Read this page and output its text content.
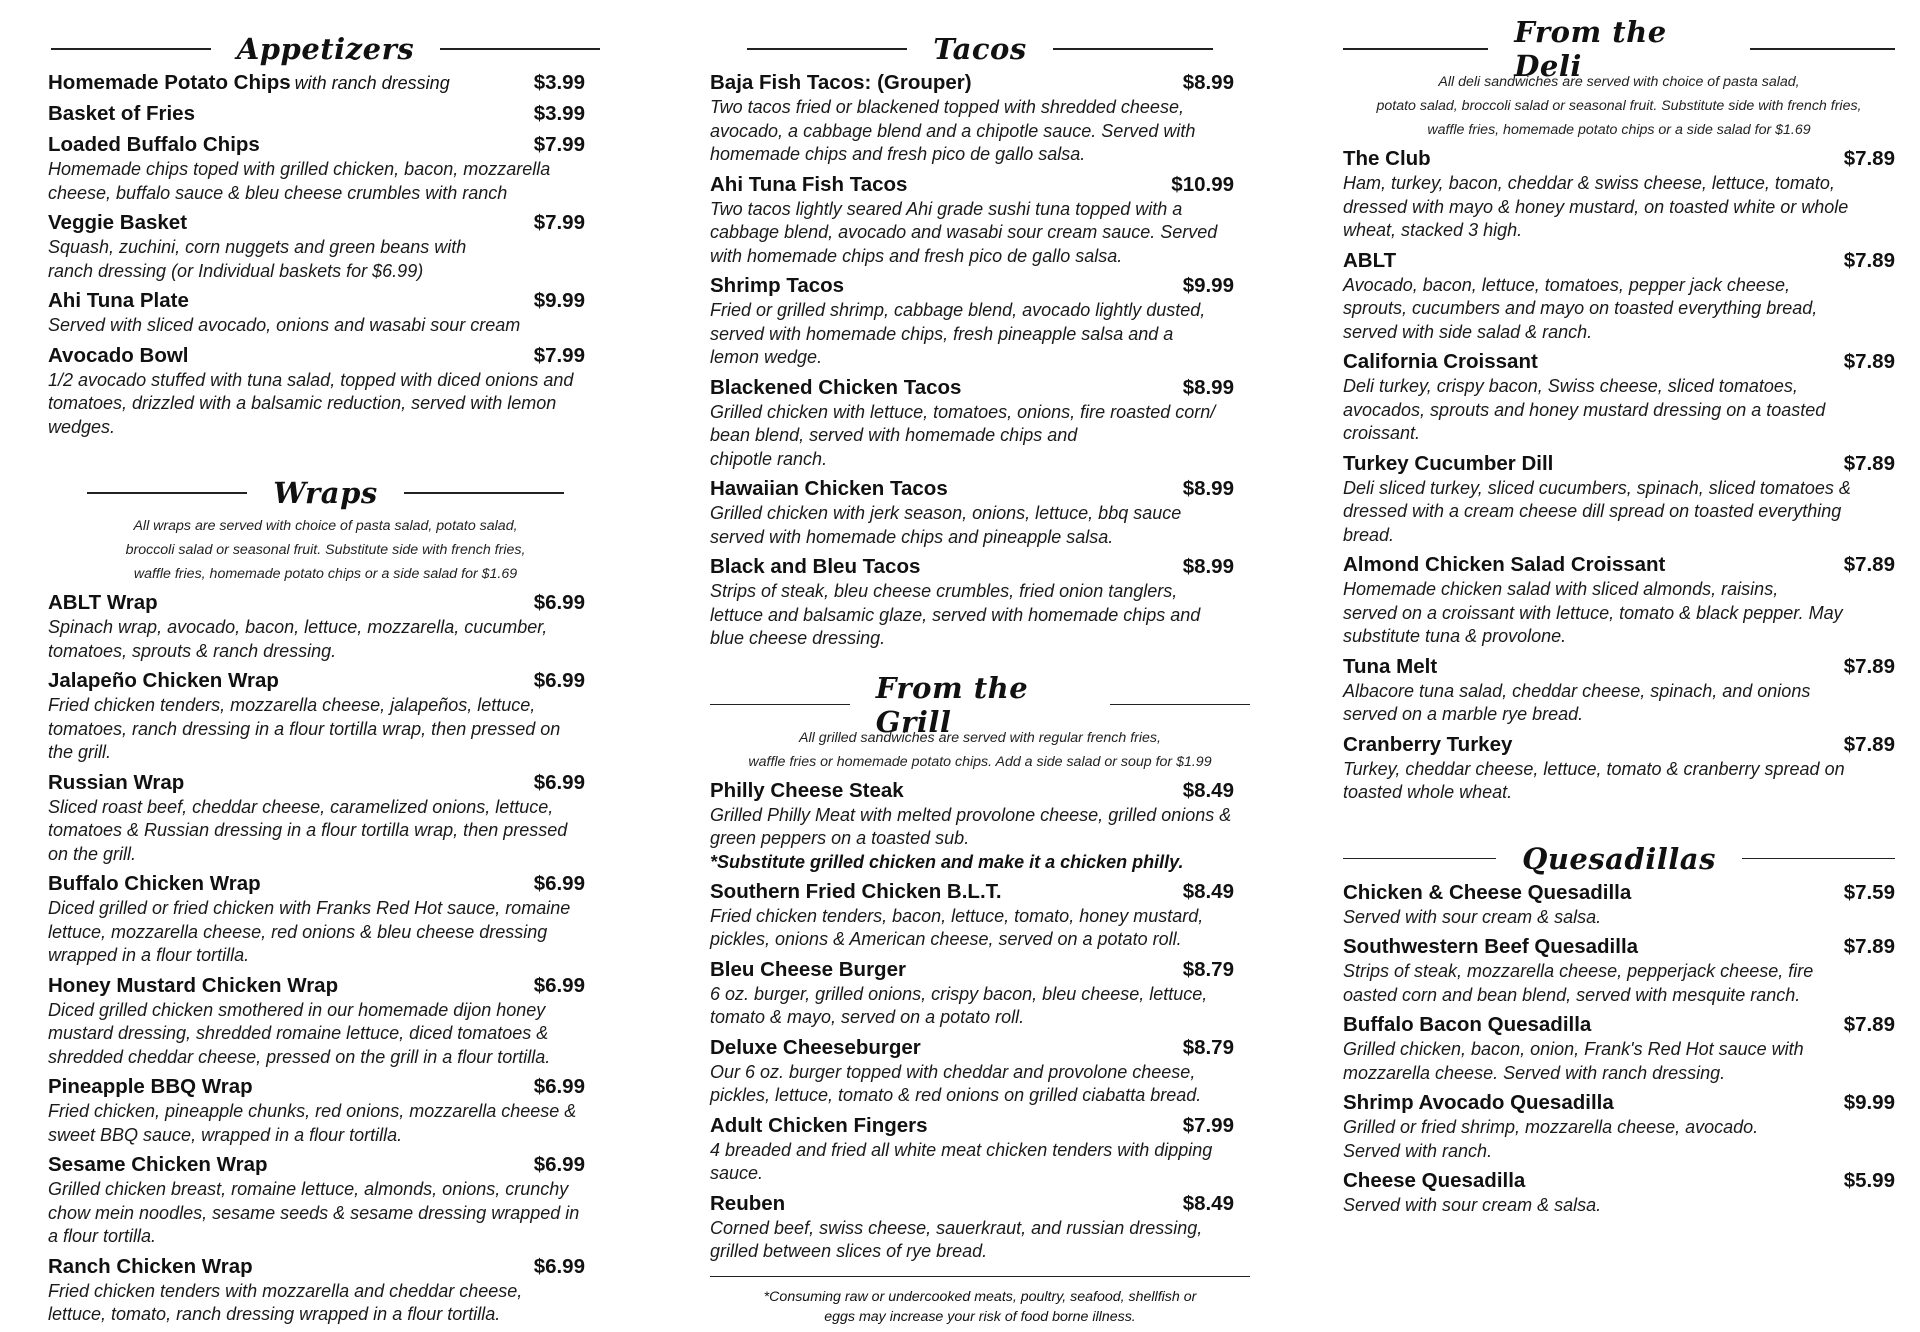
Appetizers
Homemade Potato Chips with ranch dressing	$3.99
Basket of Fries	$3.99
Loaded Buffalo Chips	$7.99
Homemade chips toped with grilled chicken, bacon, mozzarella
cheese, buffalo sauce & bleu cheese crumbles with ranch
Veggie Basket	$7.99
Squash, zuchini, corn nuggets and green beans with
ranch dressing (or Individual baskets for $6.99)
Ahi Tuna Plate	$9.99
Served with sliced avocado, onions and wasabi sour cream
Avocado Bowl	$7.99
1/2 avocado stuffed with tuna salad, topped with diced onions and
tomatoes, drizzled with a balsamic reduction, served with lemon
wedges.
Wraps
All wraps are served with choice of pasta salad, potato salad,
broccoli salad or seasonal fruit. Substitute side with french fries,
waffle fries, homemade potato chips or a side salad for $1.69
ABLT Wrap	$6.99
Spinach wrap, avocado, bacon, lettuce, mozzarella, cucumber,
tomatoes, sprouts & ranch dressing.
Jalapeño Chicken Wrap	$6.99
Fried chicken tenders, mozzarella cheese, jalapeños, lettuce,
tomatoes, ranch dressing in a flour tortilla wrap, then pressed on
the grill.
Russian Wrap	$6.99
Sliced roast beef, cheddar cheese, caramelized onions, lettuce,
tomatoes & Russian dressing in a flour tortilla wrap, then pressed
on the grill.
Buffalo Chicken Wrap	$6.99
Diced grilled or fried chicken with Franks Red Hot sauce, romaine
lettuce, mozzarella cheese, red onions & bleu cheese dressing
wrapped in a flour tortilla.
Honey Mustard Chicken Wrap	$6.99
Diced grilled chicken smothered in our homemade dijon honey
mustard dressing, shredded romaine lettuce, diced tomatoes &
shredded cheddar cheese, pressed on the grill in a flour tortilla.
Pineapple BBQ Wrap	$6.99
Fried chicken, pineapple chunks, red onions, mozzarella cheese &
sweet BBQ sauce, wrapped in a flour tortilla.
Sesame Chicken Wrap	$6.99
Grilled chicken breast, romaine lettuce, almonds, onions, crunchy
chow mein noodles, sesame seeds & sesame dressing wrapped in
a flour tortilla.
Ranch Chicken Wrap	$6.99
Fried chicken tenders with mozzarella and cheddar cheese,
lettuce, tomato, ranch dressing wrapped in a flour tortilla.
Tacos
Baja Fish Tacos: (Grouper)	$8.99
Two tacos fried or blackened topped with shredded cheese,
avocado, a cabbage blend and a chipotle sauce. Served with
homemade chips and fresh pico de gallo salsa.
Ahi Tuna Fish Tacos	$10.99
Two tacos lightly seared Ahi grade sushi tuna topped with a
cabbage blend, avocado and wasabi sour cream sauce. Served
with homemade chips and fresh pico de gallo salsa.
Shrimp Tacos	$9.99
Fried or grilled shrimp, cabbage blend, avocado lightly dusted,
served with homemade chips, fresh pineapple salsa and a
lemon wedge.
Blackened Chicken Tacos	$8.99
Grilled chicken with lettuce, tomatoes, onions, fire roasted corn/
bean blend, served with homemade chips and
chipotle ranch.
Hawaiian Chicken Tacos	$8.99
Grilled chicken with jerk season, onions, lettuce, bbq sauce
served with homemade chips and pineapple salsa.
Black and Bleu Tacos	$8.99
Strips of steak, bleu cheese crumbles, fried onion tanglers,
lettuce and balsamic glaze, served with homemade chips and
blue cheese dressing.
From the Grill
All grilled sandwiches are served with regular french fries,
waffle fries or homemade potato chips. Add a side salad or soup for $1.99
Philly Cheese Steak	$8.49
Grilled Philly Meat with melted provolone cheese, grilled onions &
green peppers on a toasted sub.
*Substitute grilled chicken and make it a chicken philly.
Southern Fried Chicken B.L.T.	$8.49
Fried chicken tenders, bacon, lettuce, tomato, honey mustard,
pickles, onions & American cheese, served on a potato roll.
Bleu Cheese Burger	$8.79
6 oz. burger, grilled onions, crispy bacon, bleu cheese, lettuce,
tomato & mayo, served on a potato roll.
Deluxe Cheeseburger	$8.79
Our 6 oz. burger topped with cheddar and provolone cheese,
pickles, lettuce, tomato & red onions on grilled ciabatta bread.
Adult Chicken Fingers	$7.99
4 breaded and fried all white meat chicken tenders with dipping
sauce.
Reuben	$8.49
Corned beef, swiss cheese, sauerkraut, and russian dressing,
grilled between slices of rye bread.
*Consuming raw or undercooked meats, poultry, seafood, shellfish or
eggs may increase your risk of food borne illness.
From the Deli
All deli sandwiches are served with choice of pasta salad,
potato salad, broccoli salad or seasonal fruit. Substitute side with french fries,
waffle fries, homemade potato chips or a side salad for $1.69
The Club	$7.89
Ham, turkey, bacon, cheddar & swiss cheese, lettuce, tomato,
dressed with mayo & honey mustard, on toasted white or whole
wheat, stacked 3 high.
ABLT	$7.89
Avocado, bacon, lettuce, tomatoes, pepper jack cheese,
sprouts, cucumbers and mayo on toasted everything bread,
served with side salad & ranch.
California Croissant	$7.89
Deli turkey, crispy bacon, Swiss cheese, sliced tomatoes,
avocados, sprouts and honey mustard dressing on a toasted
croissant.
Turkey Cucumber Dill	$7.89
Deli sliced turkey, sliced cucumbers, spinach, sliced tomatoes &
dressed with a cream cheese dill spread on toasted everything
bread.
Almond Chicken Salad Croissant	$7.89
Homemade chicken salad with sliced almonds, raisins,
served on a croissant with lettuce, tomato & black pepper. May
substitute tuna & provolone.
Tuna Melt	$7.89
Albacore tuna salad, cheddar cheese, spinach, and onions
served on a marble rye bread.
Cranberry Turkey	$7.89
Turkey, cheddar cheese, lettuce, tomato & cranberry spread on
toasted whole wheat.
Quesadillas
Chicken & Cheese Quesadilla	$7.59
Served with sour cream & salsa.
Southwestern Beef Quesadilla	$7.89
Strips of steak, mozzarella cheese, pepperjack cheese, fire
oasted corn and bean blend, served with mesquite ranch.
Buffalo Bacon Quesadilla	$7.89
Grilled chicken, bacon, onion, Frank's Red Hot sauce with
mozzarella cheese. Served with ranch dressing.
Shrimp Avocado Quesadilla	$9.99
Grilled or fried shrimp, mozzarella cheese, avocado.
Served with ranch.
Cheese Quesadilla	$5.99
Served with sour cream & salsa.
